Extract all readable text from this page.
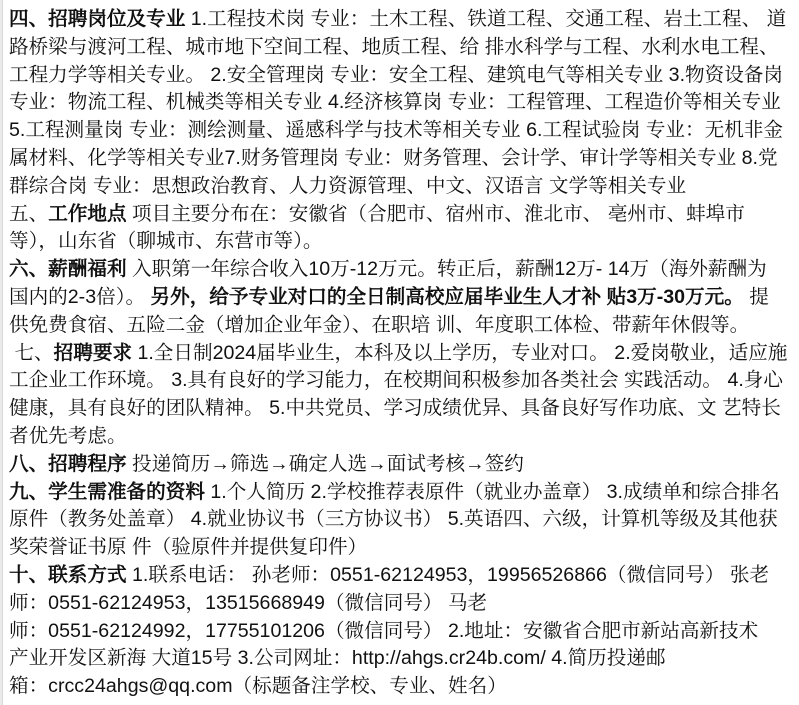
四、招聘岗位及专业 1.工程技术岗 专业：土木工程、铁道工程、交通工程、岩土工程、 道
路桥梁与渡河工程、城市地下空间工程、地质工程、给 排水科学与工程、水利水电工程、
工程力学等相关专业。 2.安全管理岗 专业：安全工程、建筑电气等相关专业 3.物资设备岗
专业：物流工程、机械类等相关专业 4.经济核算岗 专业：工程管理、工程造价等相关专业
5.工程测量岗 专业：测绘测量、遥感科学与技术等相关专业 6.工程试验岗 专业：无机非金
属材料、化学等相关专业7.财务管理岗 专业：财务管理、会计学、审计学等相关专业 8.党
群综合岗 专业：思想政治教育、人力资源管理、中文、汉语言 文学等相关专业
五、工作地点 项目主要分布在：安徽省（合肥市、宿州市、淮北市、 亳州市、蚌埠市
等），山东省（聊城市、东营市等）。
六、薪酬福利 入职第一年综合收入10万-12万元。转正后，薪酬12万- 14万（海外薪酬为
国内的2-3倍）。 另外，给予专业对口的全日制高校应届毕业生人才补 贴3万-30万元。 提
供免费食宿、五险二金（增加企业年金）、在职培 训、年度职工体检、带薪年休假等。
七、招聘要求 1.全日制2024届毕业生，本科及以上学历，专业对口。 2.爱岗敬业，适应施
工企业工作环境。 3.具有良好的学习能力，在校期间积极参加各类社会 实践活动。 4.身心
健康，具有良好的团队精神。 5.中共党员、学习成绩优异、具备良好写作功底、文 艺特长
者优先考虑。
八、招聘程序 投递简历→筛选→确定人选→面试考核→签约
九、学生需准备的资料 1.个人简历 2.学校推荐表原件（就业办盖章） 3.成绩单和综合排名
原件（教务处盖章） 4.就业协议书（三方协议书） 5.英语四、六级，计算机等级及其他获
奖荣誉证书原 件（验原件并提供复印件）
十、联系方式 1.联系电话： 孙老师：0551-62124953，19956526866（微信同号） 张老
师：0551-62124953，13515668949（微信同号） 马老
师：0551-62124992，17755101206（微信同号） 2.地址：安徽省合肥市新站高新技术
产业开发区新海 大道15号 3.公司网址：http://ahgs.cr24b.com/ 4.简历投递邮
箱：crcc24ahgs@qq.com（标题备注学校、专业、姓名）
